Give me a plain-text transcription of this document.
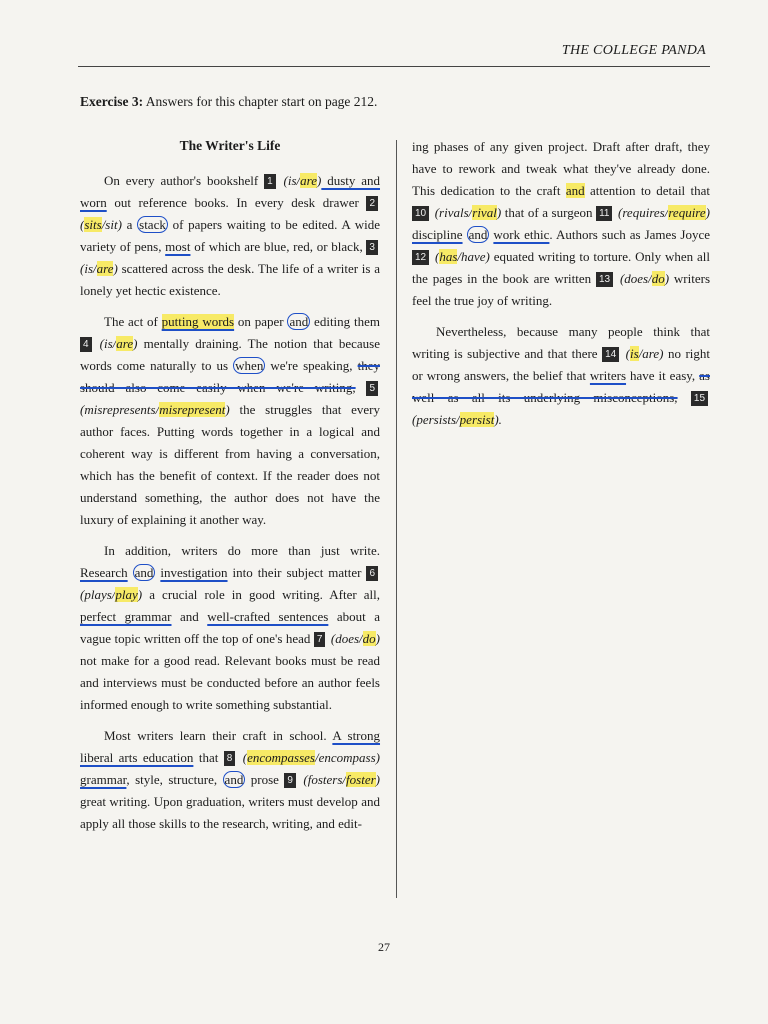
THE COLLEGE PANDA
Exercise 3: Answers for this chapter start on page 212.
The Writer's Life

On every author's bookshelf 1 (is/are) dusty and worn out reference books. In every desk drawer 2 (sits/sit) a stack of papers waiting to be edited. A wide variety of pens, most of which are blue, red, or black, 3 (is/are) scattered across the desk. The life of a writer is a lonely yet hectic existence.

The act of putting words on paper and editing them 4 (is/are) mentally draining. The notion that because words come naturally to us when we're speaking, they should also come easily when we're writing, 5 (misrepresents/misrepresent) the struggles that every author faces. Putting words together in a logical and coherent way is different from having a conversation, which has the benefit of context. If the reader does not understand something, the author does not have the luxury of explaining it another way.

In addition, writers do more than just write. Research and investigation into their subject matter 6 (plays/play) a crucial role in good writing. After all, perfect grammar and well-crafted sentences about a vague topic written off the top of one's head 7 (does/do) not make for a good read. Relevant books must be read and interviews must be conducted before an author feels informed enough to write something substantial.

Most writers learn their craft in school. A strong liberal arts education that 8 (encompasses/encompass) grammar, style, structure, and prose 9 (fosters/foster) great writing. Upon graduation, writers must develop and apply all those skills to the research, writing, and edit-

ing phases of any given project. Draft after draft, they have to rework and tweak what they've already done. This dedication to the craft and attention to detail that 10 (rivals/rival) that of a surgeon 11 (requires/require) discipline and work ethic. Authors such as James Joyce 12 (has/have) equated writing to torture. Only when all the pages in the book are written 13 (does/do) writers feel the true joy of writing.

Nevertheless, because many people think that writing is subjective and that there 14 (is/are) no right or wrong answers, the belief that writers have it easy, as well as all its underlying misconceptions, 15 (persists/persist).

27
